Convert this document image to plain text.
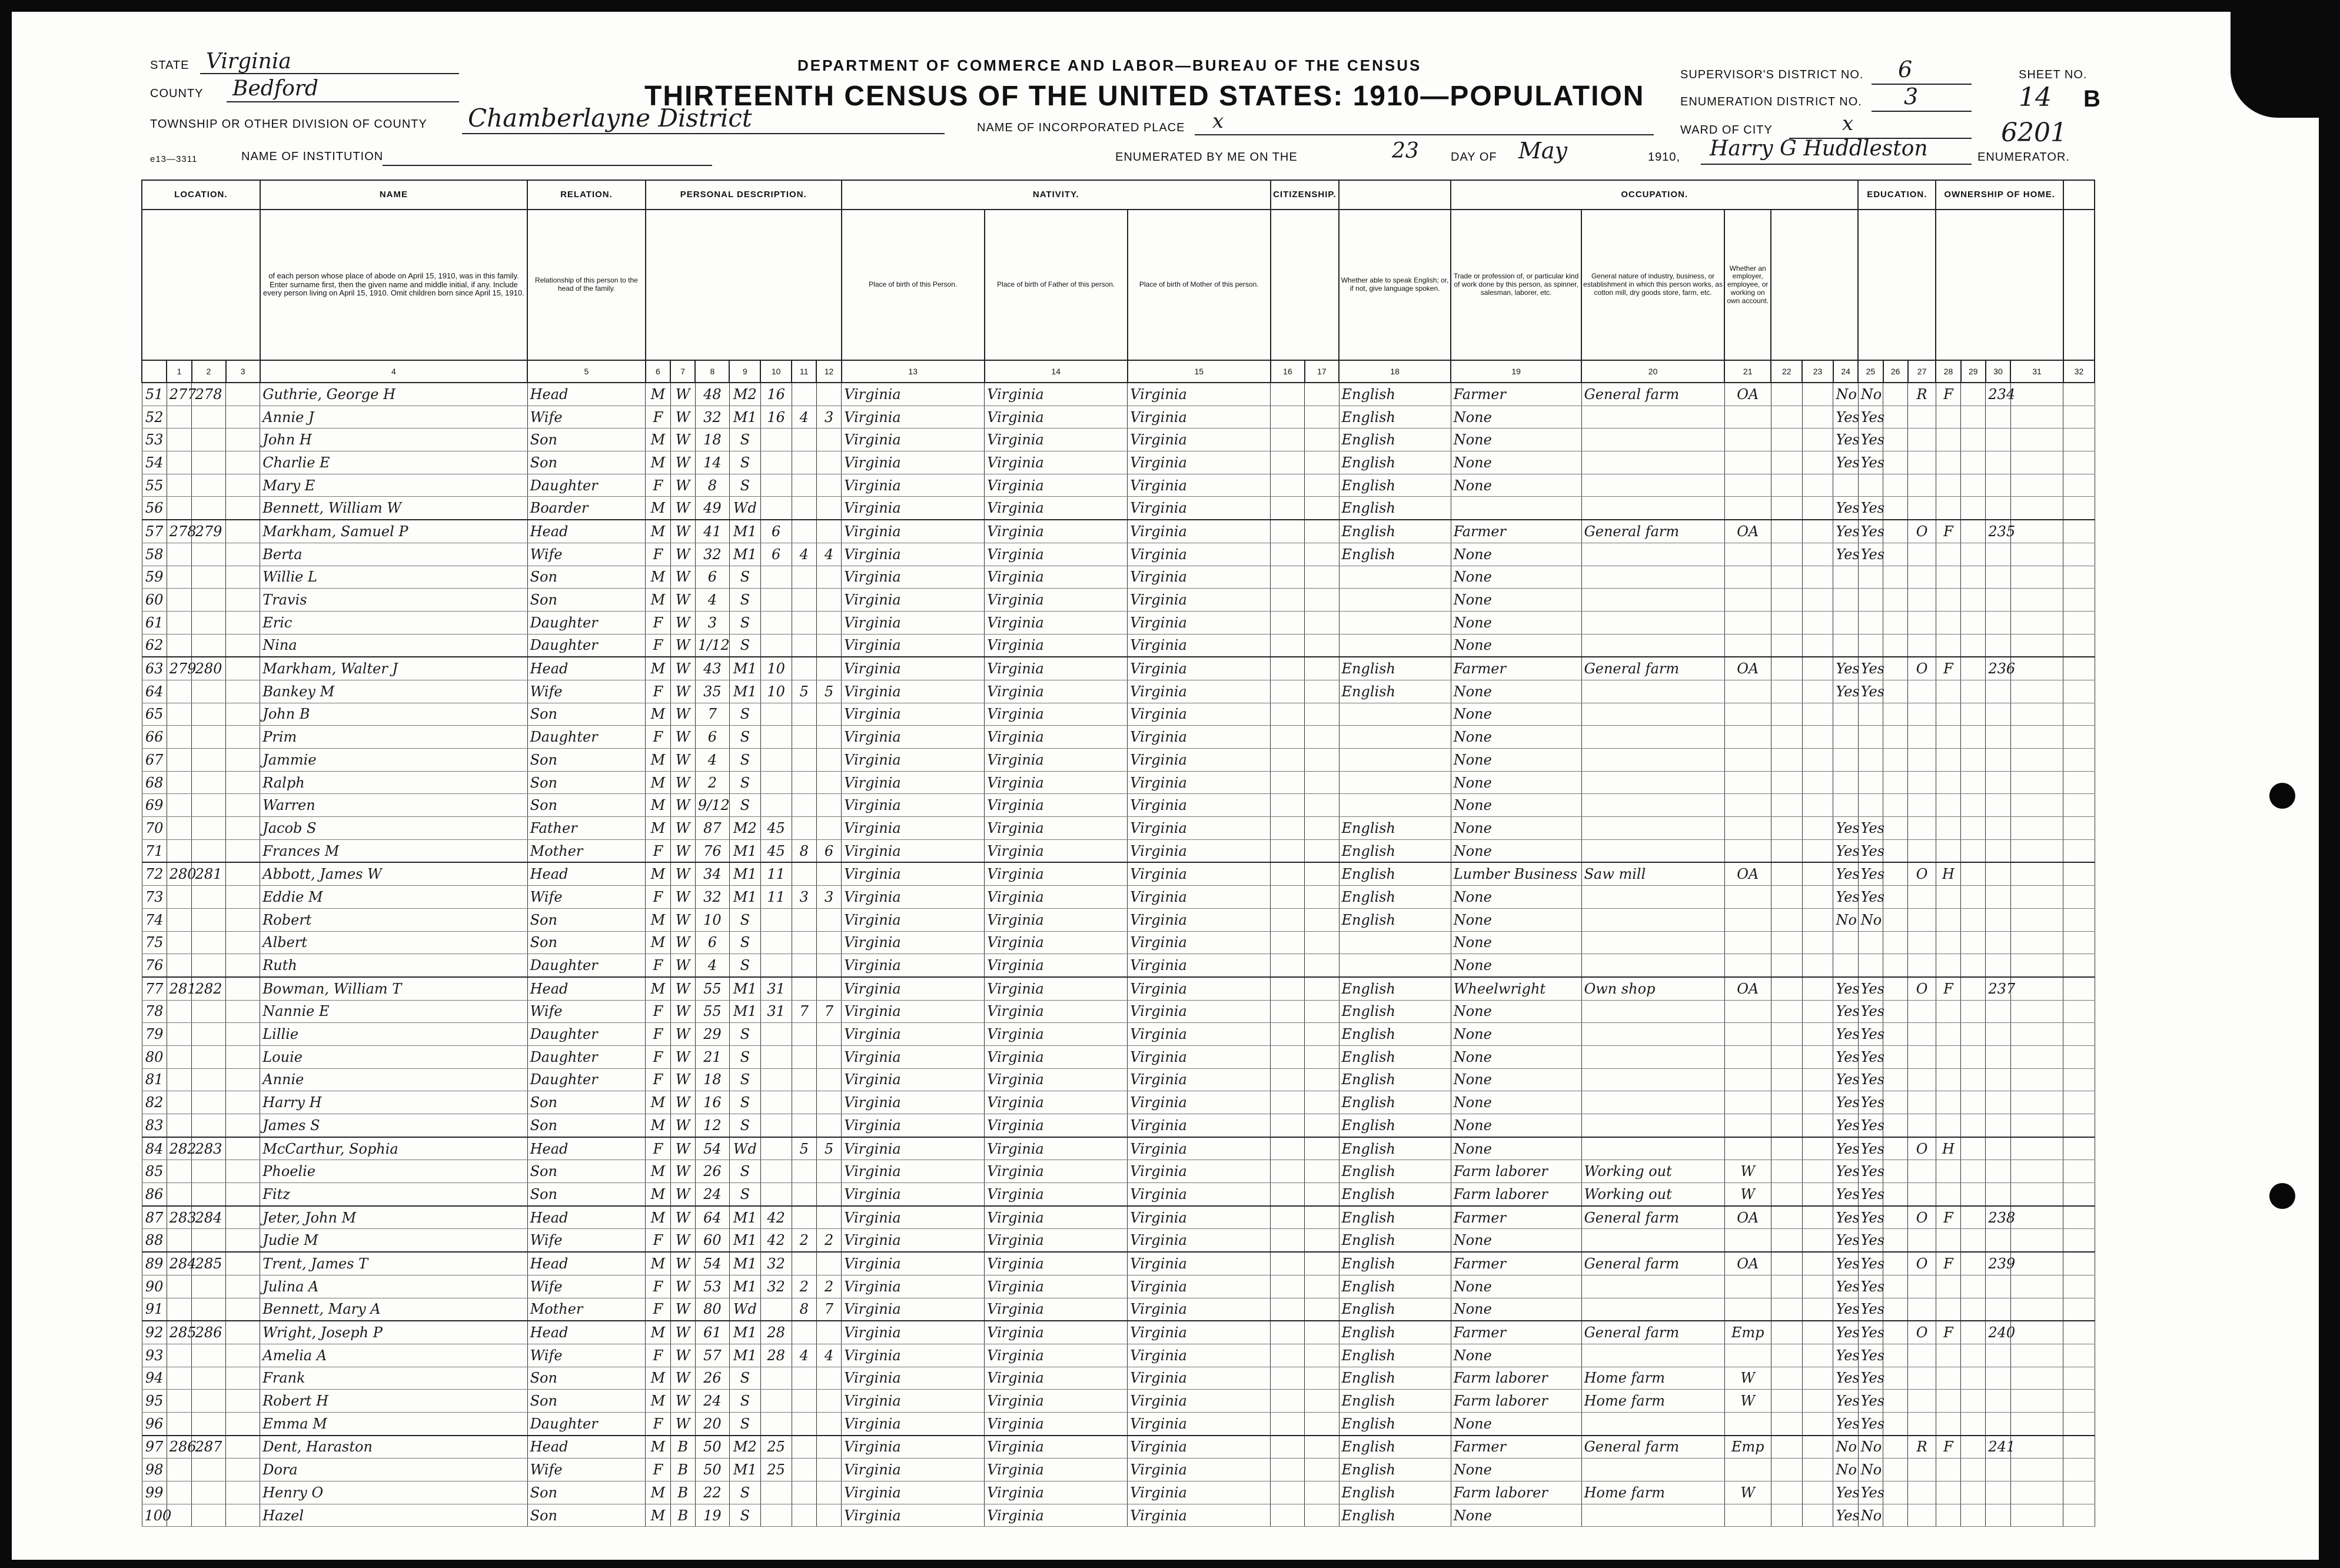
STATE Virginia
COUNTY Bedford
TOWNSHIP OR OTHER DIVISION OF COUNTY Chamberlayne District
e13—3311	NAME OF INSTITUTION
DEPARTMENT OF COMMERCE AND LABOR—BUREAU OF THE CENSUS
THIRTEENTH CENSUS OF THE UNITED STATES: 1910—POPULATION
NAME OF INCORPORATED PLACE x
ENUMERATED BY ME ON THE	23	DAY OF May	1910, Harry G Huddleston	ENUMERATOR.
SUPERVISOR'S DISTRICT NO. 6
ENUMERATION DISTRICT NO. 3
WARD OF CITY	x
SHEET NO.
14 B
6201
LOCATION.				NAME	RELATION.	PERSONAL DESCRIPTION.							NATIVITY.			CITIZENSHIP.			OCCUPATION.						EDUCATION.			OWNERSHIP OF HOME.				
				of each person whose place of abode on April 15, 1910, was in this family. Enter surname first, then the given name and middle initial, if any. Include every person living on April 15, 1910. Omit children born since April 15, 1910.	Relationship of this person to the head of the family.								Place of birth of this Person.	Place of birth of Father of this person.	Place of birth of Mother of this person.			Whether able to speak English; or, if not, give language spoken.	Trade or profession of, or particular kind of work done by this person, as spinner, salesman, laborer, etc.	General nature of industry, business, or establishment in which this person works, as cotton mill, dry goods store, farm, etc.	Whether an employer, employee, or working on own account.											
	1	2	3	4	5	6	7	8	9	10	11	12	13	14	15	16	17	18	19	20	21	22	23	24	25	26	27	28	29	30	31	32
51	277	278		Guthrie, George H	Head	M	W	48	M2	16			Virginia	Virginia	Virginia			English	Farmer	General farm	OA			No	No		R	F		234		
52				Annie J	Wife	F	W	32	M1	16	4	3	Virginia	Virginia	Virginia			English	None					Yes	Yes							
53				John H	Son	M	W	18	S				Virginia	Virginia	Virginia			English	None					Yes	Yes							
54				Charlie E	Son	M	W	14	S				Virginia	Virginia	Virginia			English	None					Yes	Yes							
55				Mary E	Daughter	F	W	8	S				Virginia	Virginia	Virginia			English	None													
56				Bennett, William W	Boarder	M	W	49	Wd				Virginia	Virginia	Virginia			English						Yes	Yes							
57	278	279		Markham, Samuel P	Head	M	W	41	M1	6			Virginia	Virginia	Virginia			English	Farmer	General farm	OA			Yes	Yes		O	F		235		
58				Berta	Wife	F	W	32	M1	6	4	4	Virginia	Virginia	Virginia			English	None					Yes	Yes							
59				Willie L	Son	M	W	6	S				Virginia	Virginia	Virginia				None													
60				Travis	Son	M	W	4	S				Virginia	Virginia	Virginia				None													
61				Eric	Daughter	F	W	3	S				Virginia	Virginia	Virginia				None													
62				Nina	Daughter	F	W	1/12	S				Virginia	Virginia	Virginia				None													
63	279	280		Markham, Walter J	Head	M	W	43	M1	10			Virginia	Virginia	Virginia			English	Farmer	General farm	OA			Yes	Yes		O	F		236		
64				Bankey M	Wife	F	W	35	M1	10	5	5	Virginia	Virginia	Virginia			English	None					Yes	Yes							
65				John B	Son	M	W	7	S				Virginia	Virginia	Virginia				None													
66				Prim	Daughter	F	W	6	S				Virginia	Virginia	Virginia				None													
67				Jammie	Son	M	W	4	S				Virginia	Virginia	Virginia				None													
68				Ralph	Son	M	W	2	S				Virginia	Virginia	Virginia				None													
69				Warren	Son	M	W	9/12	S				Virginia	Virginia	Virginia				None													
70				Jacob S	Father	M	W	87	M2	45			Virginia	Virginia	Virginia			English	None					Yes	Yes							
71				Frances M	Mother	F	W	76	M1	45	8	6	Virginia	Virginia	Virginia			English	None					Yes	Yes							
72	280	281		Abbott, James W	Head	M	W	34	M1	11			Virginia	Virginia	Virginia			English	Lumber Business	Saw mill	OA			Yes	Yes		O	H				
73				Eddie M	Wife	F	W	32	M1	11	3	3	Virginia	Virginia	Virginia			English	None					Yes	Yes							
74				Robert	Son	M	W	10	S				Virginia	Virginia	Virginia			English	None					No	No							
75				Albert	Son	M	W	6	S				Virginia	Virginia	Virginia				None													
76				Ruth	Daughter	F	W	4	S				Virginia	Virginia	Virginia				None													
77	281	282		Bowman, William T	Head	M	W	55	M1	31			Virginia	Virginia	Virginia			English	Wheelwright	Own shop	OA			Yes	Yes		O	F		237		
78				Nannie E	Wife	F	W	55	M1	31	7	7	Virginia	Virginia	Virginia			English	None					Yes	Yes							
79				Lillie	Daughter	F	W	29	S				Virginia	Virginia	Virginia			English	None					Yes	Yes							
80				Louie	Daughter	F	W	21	S				Virginia	Virginia	Virginia			English	None					Yes	Yes							
81				Annie	Daughter	F	W	18	S				Virginia	Virginia	Virginia			English	None					Yes	Yes							
82				Harry H	Son	M	W	16	S				Virginia	Virginia	Virginia			English	None					Yes	Yes							
83				James S	Son	M	W	12	S				Virginia	Virginia	Virginia			English	None					Yes	Yes							
84	282	283		McCarthur, Sophia	Head	F	W	54	Wd		5	5	Virginia	Virginia	Virginia			English	None					Yes	Yes		O	H				
85				Phoelie	Son	M	W	26	S				Virginia	Virginia	Virginia			English	Farm laborer	Working out	W			Yes	Yes							
86				Fitz	Son	M	W	24	S				Virginia	Virginia	Virginia			English	Farm laborer	Working out	W			Yes	Yes							
87	283	284		Jeter, John M	Head	M	W	64	M1	42			Virginia	Virginia	Virginia			English	Farmer	General farm	OA			Yes	Yes		O	F		238		
88				Judie M	Wife	F	W	60	M1	42	2	2	Virginia	Virginia	Virginia			English	None					Yes	Yes							
89	284	285		Trent, James T	Head	M	W	54	M1	32			Virginia	Virginia	Virginia			English	Farmer	General farm	OA			Yes	Yes		O	F		239		
90				Julina A	Wife	F	W	53	M1	32	2	2	Virginia	Virginia	Virginia			English	None					Yes	Yes							
91				Bennett, Mary A	Mother	F	W	80	Wd		8	7	Virginia	Virginia	Virginia			English	None					Yes	Yes							
92	285	286		Wright, Joseph P	Head	M	W	61	M1	28			Virginia	Virginia	Virginia			English	Farmer	General farm	Emp			Yes	Yes		O	F		240		
93				Amelia A	Wife	F	W	57	M1	28	4	4	Virginia	Virginia	Virginia			English	None					Yes	Yes							
94				Frank	Son	M	W	26	S				Virginia	Virginia	Virginia			English	Farm laborer	Home farm	W			Yes	Yes							
95				Robert H	Son	M	W	24	S				Virginia	Virginia	Virginia			English	Farm laborer	Home farm	W			Yes	Yes							
96				Emma M	Daughter	F	W	20	S				Virginia	Virginia	Virginia			English	None					Yes	Yes							
97	286	287		Dent, Haraston	Head	M	B	50	M2	25			Virginia	Virginia	Virginia			English	Farmer	General farm	Emp			No	No		R	F		241		
98				Dora	Wife	F	B	50	M1	25			Virginia	Virginia	Virginia			English	None					No	No							
99				Henry O	Son	M	B	22	S				Virginia	Virginia	Virginia			English	Farm laborer	Home farm	W			Yes	Yes							
100				Hazel	Son	M	B	19	S				Virginia	Virginia	Virginia			English	None					Yes	No							
